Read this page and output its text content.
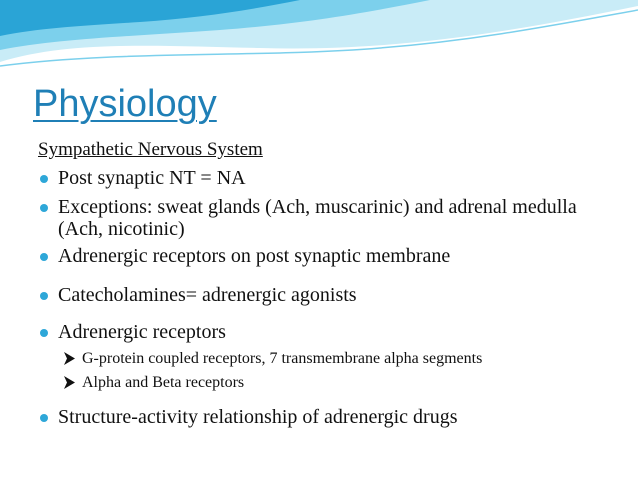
Physiology
Sympathetic Nervous System
Post synaptic NT = NA
Exceptions: sweat glands (Ach, muscarinic) and adrenal medulla (Ach, nicotinic)
Adrenergic receptors on post synaptic membrane
Catecholamines= adrenergic agonists
Adrenergic receptors
G-protein coupled receptors, 7 transmembrane alpha segments
Alpha and Beta receptors
Structure-activity relationship of adrenergic drugs
